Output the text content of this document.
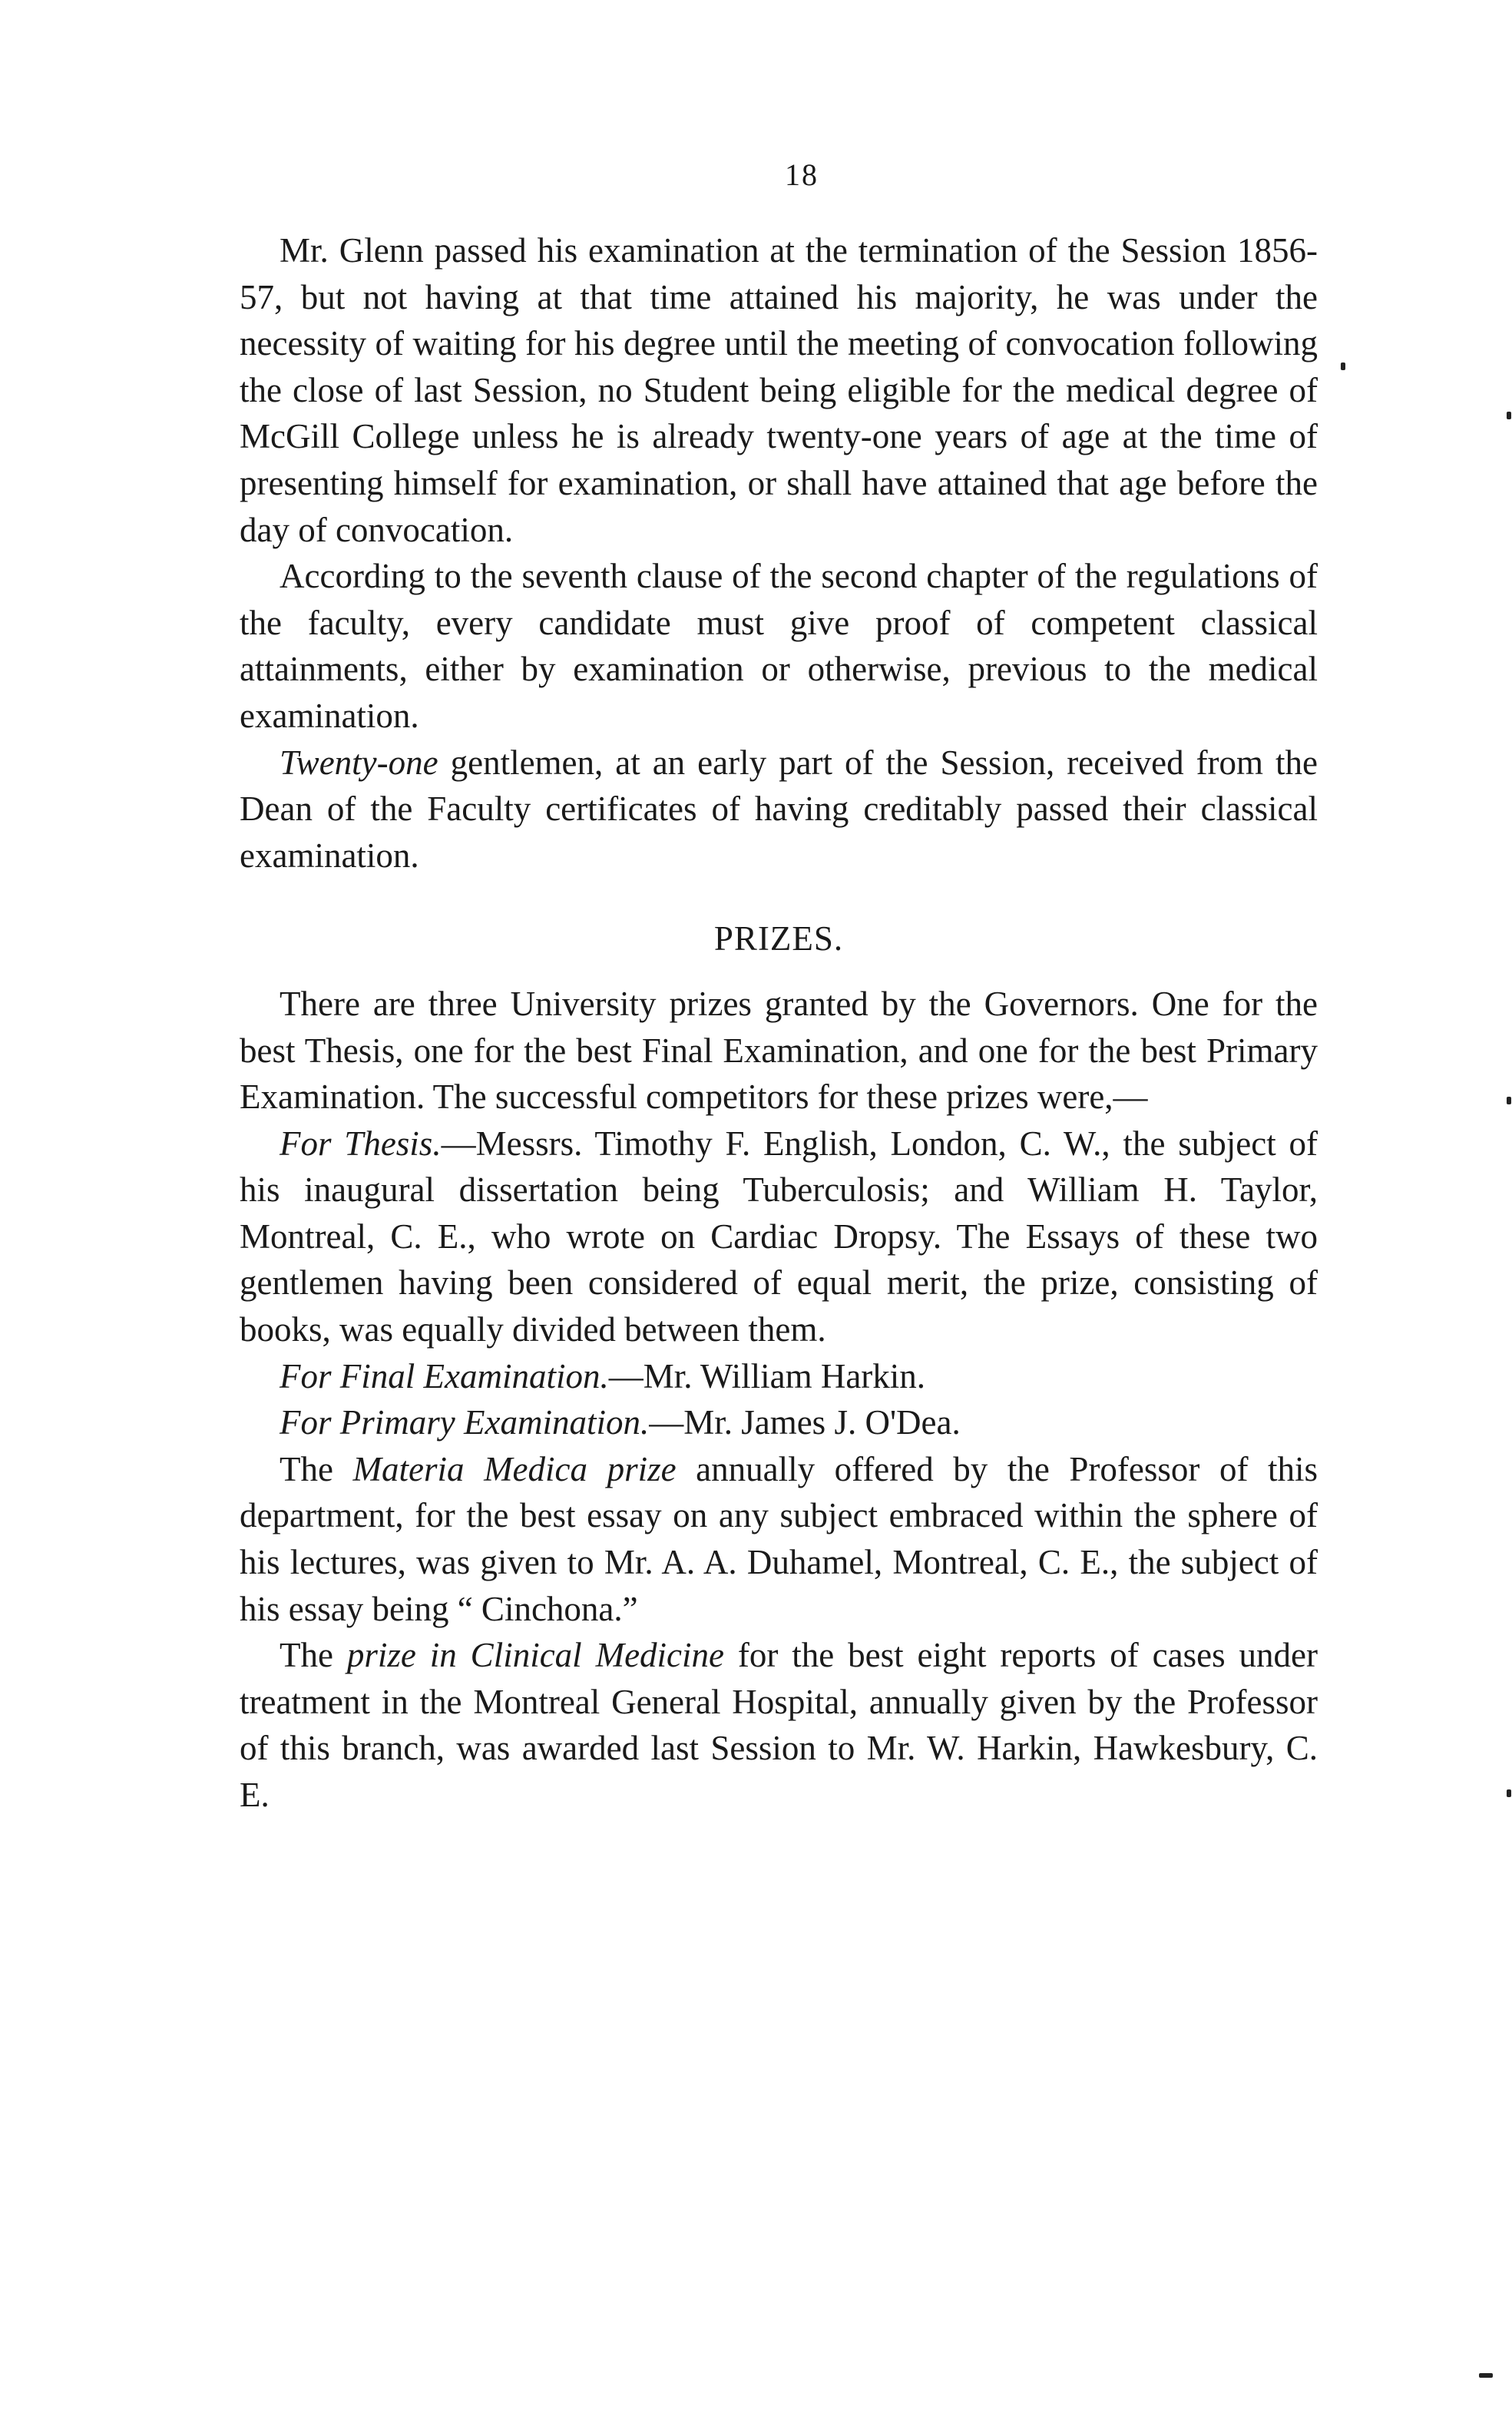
18

Mr. Glenn passed his examination at the termination of the Session 1856-57, but not having at that time attained his majority, he was under the necessity of waiting for his degree until the meeting of convocation following the close of last Session, no Student being eligible for the medical degree of McGill College unless he is already twenty-one years of age at the time of presenting himself for examination, or shall have attained that age before the day of convocation.

According to the seventh clause of the second chapter of the regulations of the faculty, every candidate must give proof of competent classical attainments, either by examination or otherwise, previous to the medical examination.

Twenty-one gentlemen, at an early part of the Session, received from the Dean of the Faculty certificates of having creditably passed their classical examination.

PRIZES.

There are three University prizes granted by the Governors. One for the best Thesis, one for the best Final Examination, and one for the best Primary Examination. The successful competitors for these prizes were,—

For Thesis.—Messrs. Timothy F. English, London, C. W., the subject of his inaugural dissertation being Tuberculosis; and William H. Taylor, Montreal, C. E., who wrote on Cardiac Dropsy. The Essays of these two gentlemen having been considered of equal merit, the prize, consisting of books, was equally divided between them.

For Final Examination.—Mr. William Harkin.

For Primary Examination.—Mr. James J. O'Dea.

The Materia Medica prize annually offered by the Professor of this department, for the best essay on any subject embraced within the sphere of his lectures, was given to Mr. A. A. Duhamel, Montreal, C. E., the subject of his essay being “ Cinchona.”

The prize in Clinical Medicine for the best eight reports of cases under treatment in the Montreal General Hospital, annually given by the Professor of this branch, was awarded last Session to Mr. W. Harkin, Hawkesbury, C. E.
